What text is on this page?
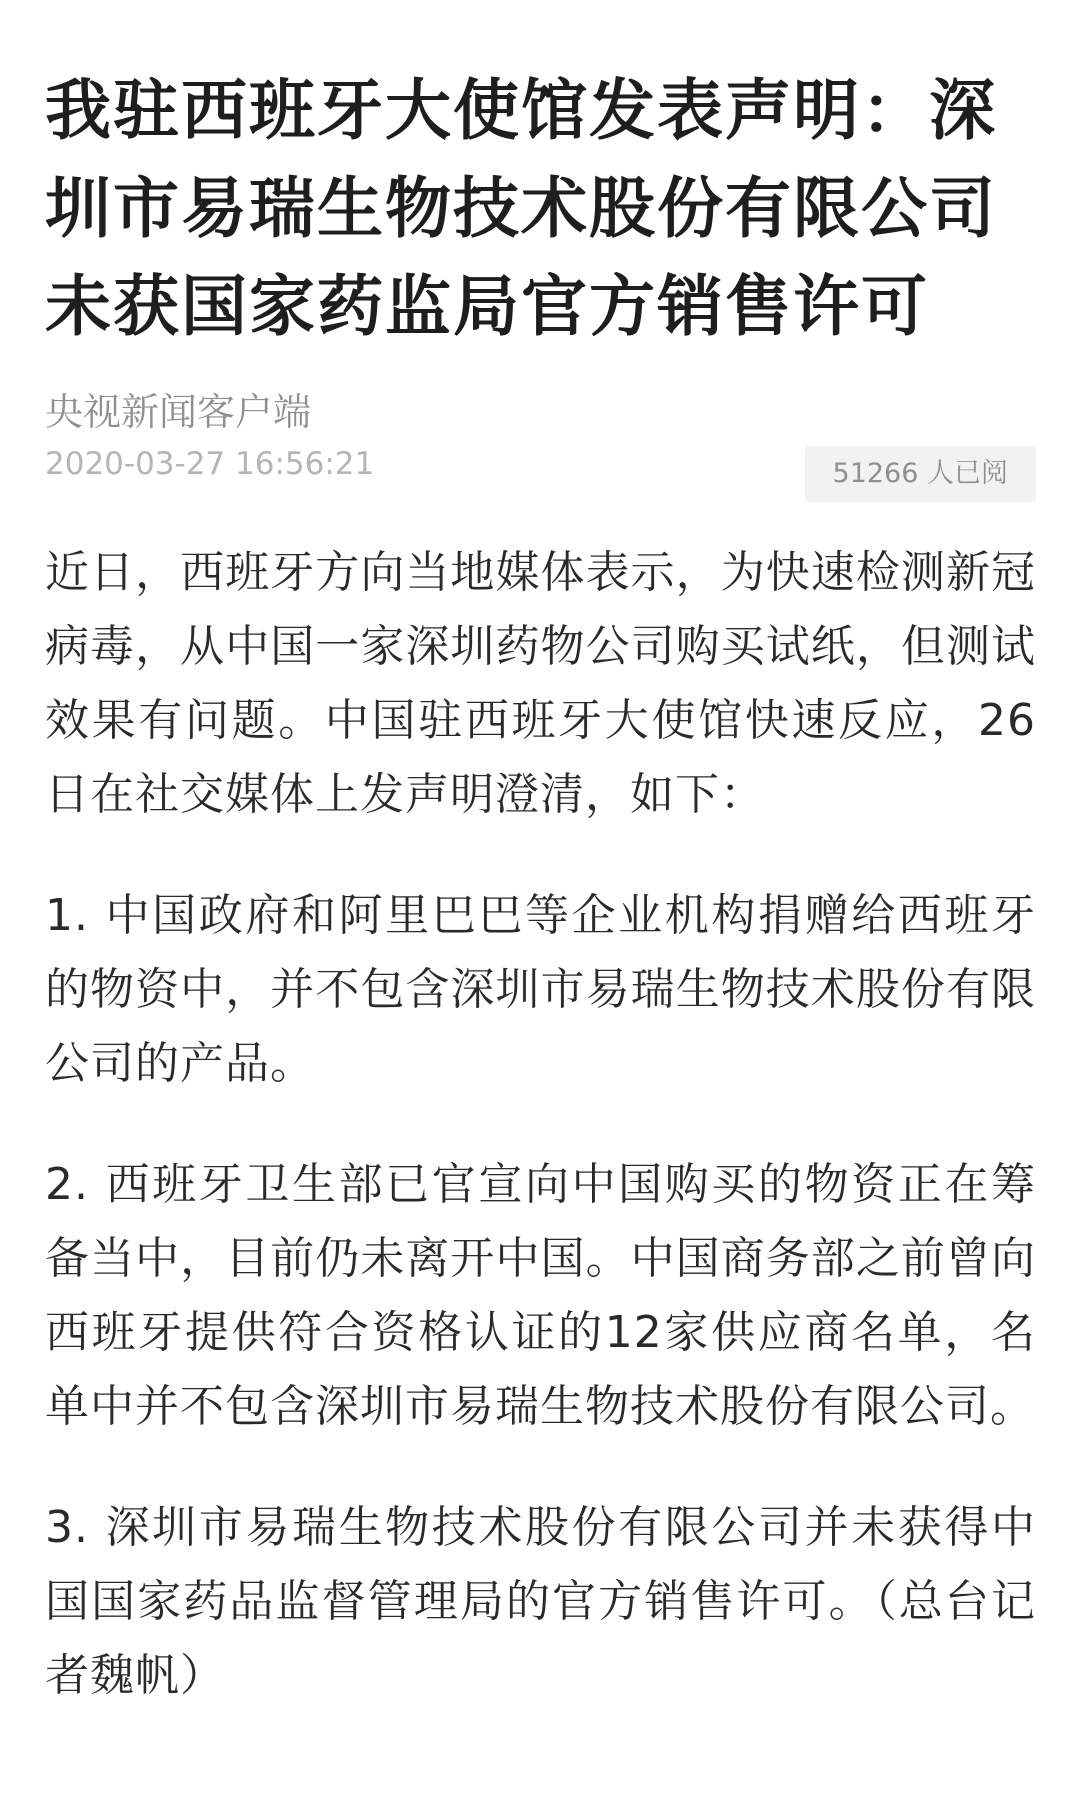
我驻西班牙大使馆发表声明：深圳市易瑞生物技术股份有限公司未获国家药监局官方销售许可
央视新闻客户端
2020-03-27 16:56:21	51266 人已阅

近日，西班牙方向当地媒体表示，为快速检测新冠病毒，从中国一家深圳药物公司购买试纸，但测试效果有问题。中国驻西班牙大使馆快速反应，26日在社交媒体上发声明澄清，如下：

1. 中国政府和阿里巴巴等企业机构捐赠给西班牙的物资中，并不包含深圳市易瑞生物技术股份有限公司的产品。

2. 西班牙卫生部已官宣向中国购买的物资正在筹备当中，目前仍未离开中国。中国商务部之前曾向西班牙提供符合资格认证的12家供应商名单，名单中并不包含深圳市易瑞生物技术股份有限公司。

3. 深圳市易瑞生物技术股份有限公司并未获得中国国家药品监督管理局的官方销售许可。（总台记者魏帆）
